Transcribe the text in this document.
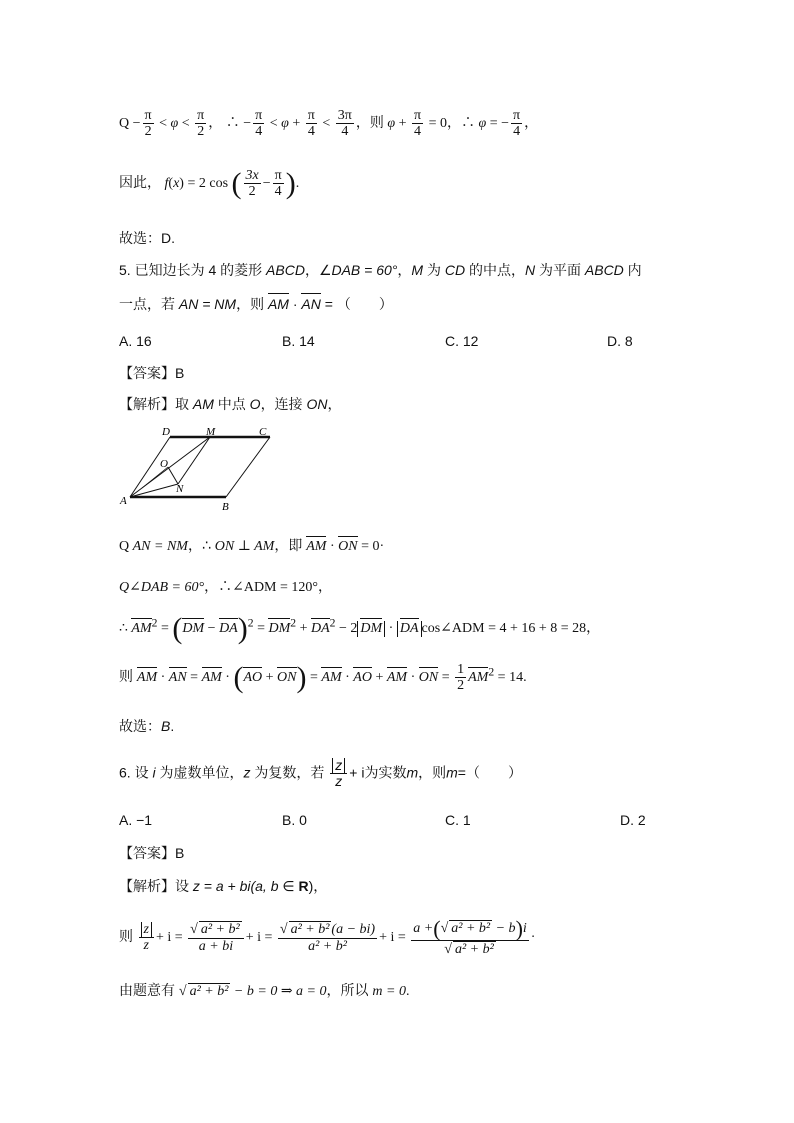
$Q - \frac{\pi}{2} < \varphi < \frac{\pi}{2}$ ， ∴ − $\frac{\pi}{4} < \varphi + \frac{\pi}{4} < \frac{3\pi}{4}$ ，则 $\varphi + \frac{\pi}{4} = 0$，∴ φ = − $\frac{\pi}{4}$ ，
因此， f(x) = 2 cos ( $\frac{3x}{2} - \frac{\pi}{4}$ ).
故选：D.
5. 已知边长为 4 的菱形 ABCD，∠DAB = 60°，M 为 CD 的中点，N 为平面 ABCD 内
一点，若 AN = NM，则 AM · AN = （　　）
A. 16	B. 14	C. 12	D. 8
【答案】B
【解析】取 AM 中点 O，连接 ON，
D	M	C
O
N
A	B
Q AN = NM，∴ ON ⊥ AM，即 AM · ON = 0·
Q∠DAB = 60°，∴∠ADM = 120°，
∴ $AM^2 = (DM - DA)^2 = DM^2 + DA^2 - 2$ DM · DA cos∠ADM = 4 + 16 + 8 = 28，
则 AM · AN = AM · (AO + ON) = AM · AO + AM · ON = $\frac{1}{2} AM^2 = 14$.
故选：B.
6. 设 i 为虚数单位，z 为复数，若 $\frac{z}{z} + i$为实数m，则m=（　　）
A. −1	B. 0	C. 1	D. 2
【答案】B
【解析】设 z = a + bi(a, b ∈ R)，
则 $\frac{z}{z} + i$ = √ $\frac{\text{a² + b²}}{a + bi} + i$ = √ $\frac{\text{a² + b² (a − bi)}}{\text{a² + b²}} + i = a$ +( √ a² + b² − b)i
√ a² + b² ·
由题意有 √ a² + b² − b = 0 ⇒ a = 0，所以 m = 0.
